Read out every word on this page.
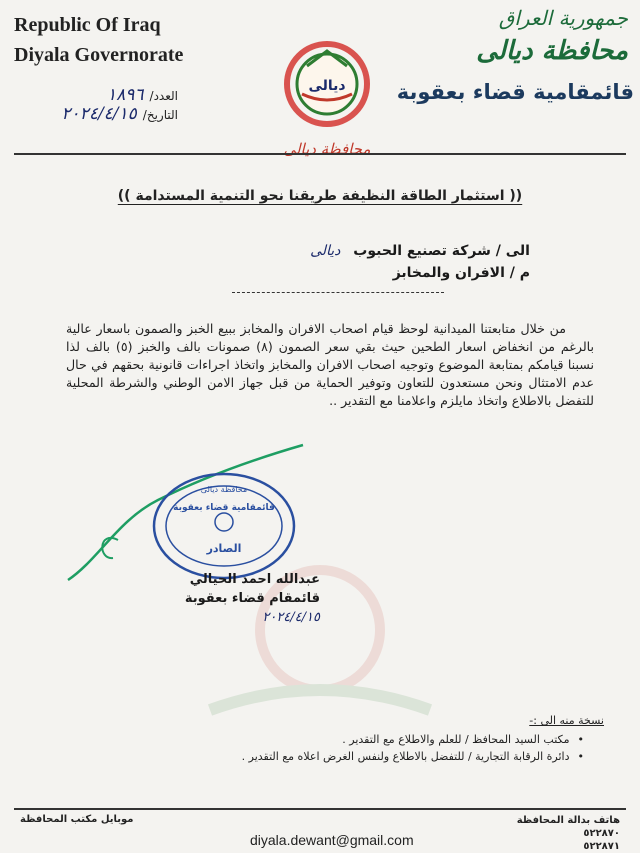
Republic Of Iraq
Diyala Governorate
جمهورية العراق
محافظة ديالى
قائمقامية قضاء بعقوبة
ديالى
محافظة ديالى
العدد/
١٨٩٦
التاريخ/
٢٠٢٤/٤/١٥
(( استثمار الطاقة النظيفة طريقنا نحو التنمية المستدامة ))
الى / شركة تصنيع الحبوب ديالى
م / الافران والمخابز

من خلال متابعتنا الميدانية لوحظ قيام اصحاب الافران والمخابز ببيع الخبز والصمون باسعار عالية بالرغم من انخفاض اسعار الطحين حيث بقي سعر الصمون (٨) صمونات بالف والخبز (٥) بالف لذا نسبنا قيامكم بمتابعة الموضوع وتوجيه اصحاب الافران والمخابز واتخاذ اجراءات قانونية بحقهم في حال عدم الامتثال ونحن مستعدون للتعاون وتوفير الحماية من قبل جهاز الامن الوطني والشرطة المحلية للتفضل بالاطلاع واتخاذ مايلزم واعلامنا مع التقدير ..

محافظة ديالى
قائمقامية قضاء بعقوبة
الصادر
عبدالله احمد الحيالي
قائمقام قضاء بعقوبة
٢٠٢٤/٤/١٥
نسخة منه الى :-
• مكتب السيد المحافظ / للعلم والاطلاع مع التقدير .
• دائرة الرقابة التجارية / للتفضل بالاطلاع ولنفس الغرض اعلاه مع التقدير .
هاتف بدالة المحافظة
٥٢٢٨٧٠
٥٢٢٨٧١
موبايل مكتب المحافظة
diyala.dewant@gmail.com
